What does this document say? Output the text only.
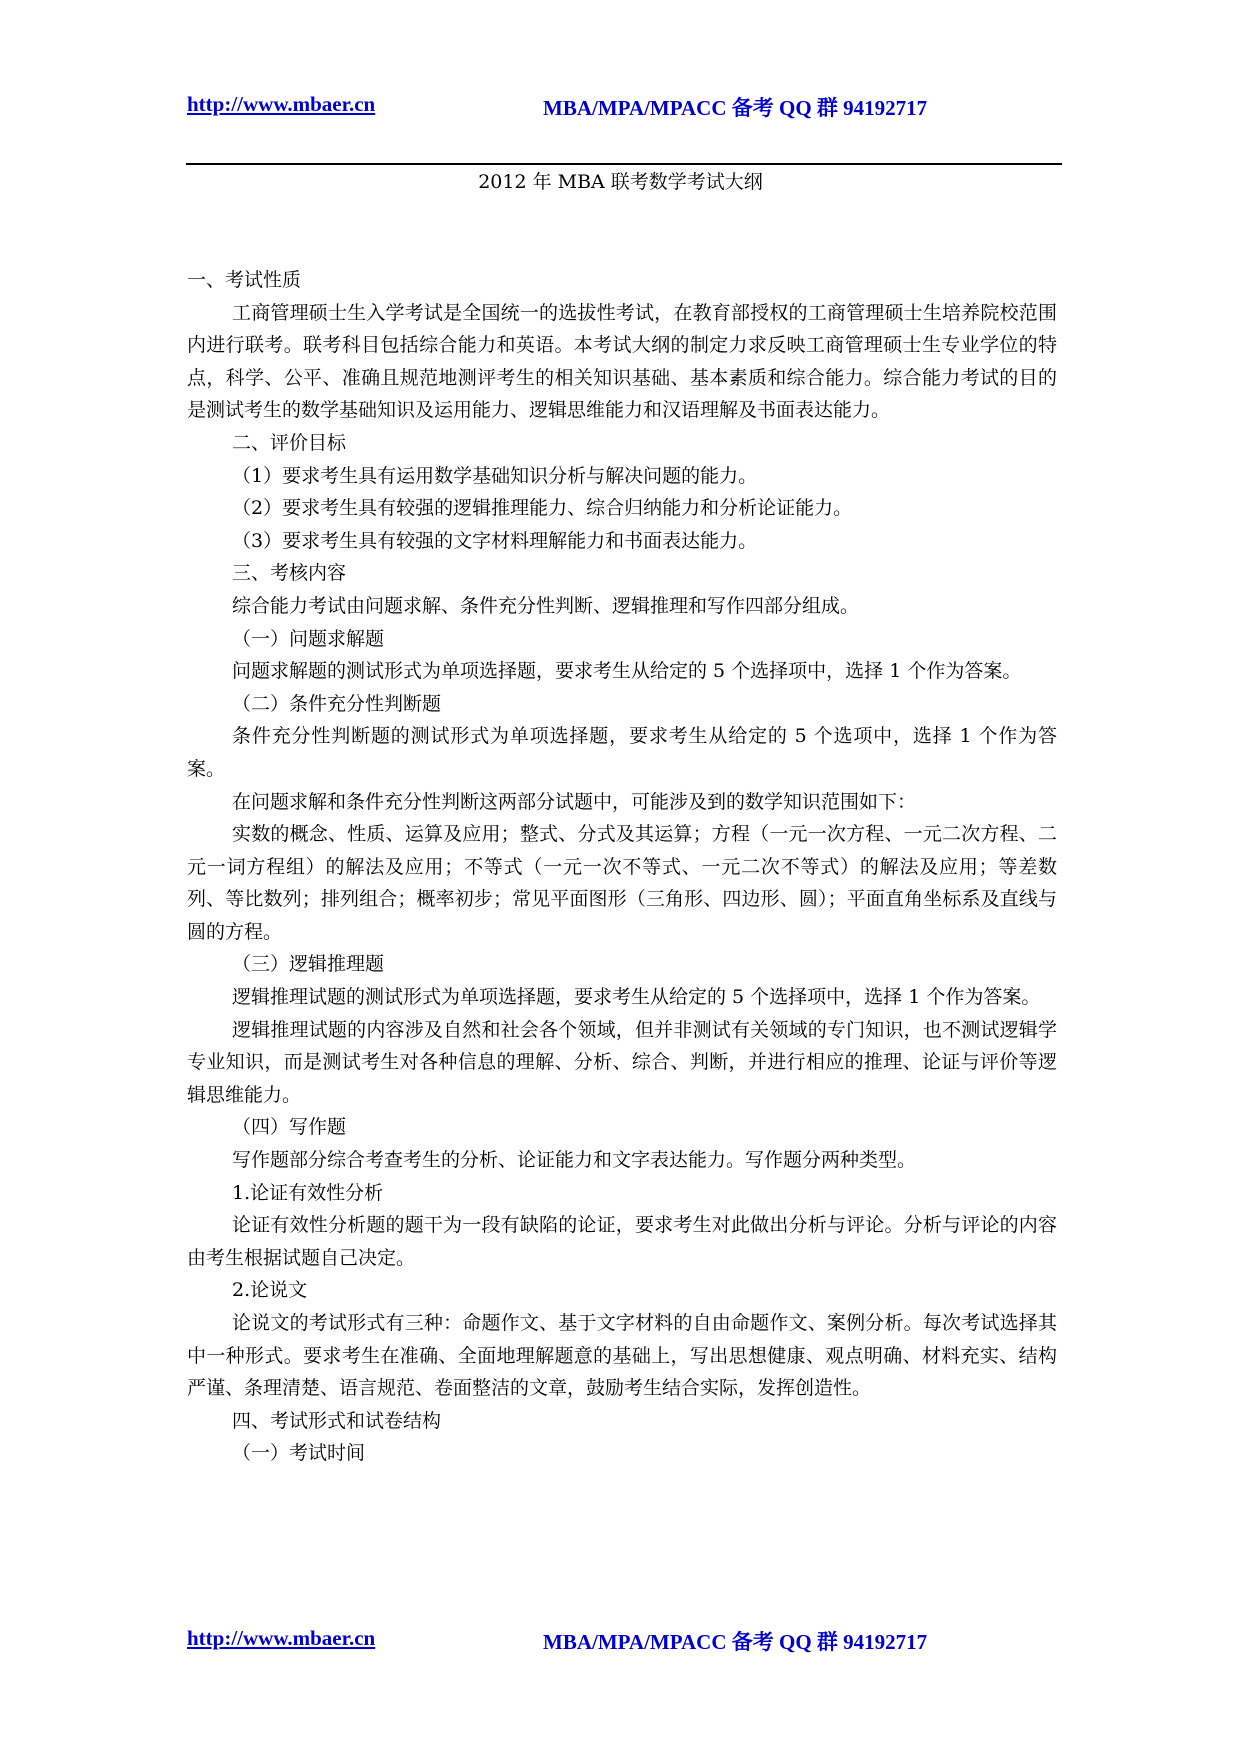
http://www.mbaer.cn	MBA/MPA/MPACC 备考 QQ 群 94192717
2012 年 MBA 联考数学考试大纲

一、考试性质

工商管理硕士生入学考试是全国统一的选拔性考试，在教育部授权的工商管理硕士生培养院校范围内进行联考。联考科目包括综合能力和英语。本考试大纲的制定力求反映工商管理硕士生专业学位的特点，科学、公平、准确且规范地测评考生的相关知识基础、基本素质和综合能力。综合能力考试的目的是测试考生的数学基础知识及运用能力、逻辑思维能力和汉语理解及书面表达能力。

二、评价目标

（1）要求考生具有运用数学基础知识分析与解决问题的能力。

（2）要求考生具有较强的逻辑推理能力、综合归纳能力和分析论证能力。

（3）要求考生具有较强的文字材料理解能力和书面表达能力。

三、考核内容

综合能力考试由问题求解、条件充分性判断、逻辑推理和写作四部分组成。

（一）问题求解题

问题求解题的测试形式为单项选择题，要求考生从给定的 5 个选择项中，选择 1 个作为答案。

（二）条件充分性判断题

条件充分性判断题的测试形式为单项选择题，要求考生从给定的 5 个选项中，选择 1 个作为答案。

在问题求解和条件充分性判断这两部分试题中，可能涉及到的数学知识范围如下：

实数的概念、性质、运算及应用；整式、分式及其运算；方程（一元一次方程、一元二次方程、二元一词方程组）的解法及应用；不等式（一元一次不等式、一元二次不等式）的解法及应用；等差数列、等比数列；排列组合；概率初步；常见平面图形（三角形、四边形、圆）；平面直角坐标系及直线与圆的方程。

（三）逻辑推理题

逻辑推理试题的测试形式为单项选择题，要求考生从给定的 5 个选择项中，选择 1 个作为答案。

逻辑推理试题的内容涉及自然和社会各个领域，但并非测试有关领域的专门知识，也不测试逻辑学专业知识，而是测试考生对各种信息的理解、分析、综合、判断，并进行相应的推理、论证与评价等逻辑思维能力。

（四）写作题

写作题部分综合考查考生的分析、论证能力和文字表达能力。写作题分两种类型。

1.论证有效性分析

论证有效性分析题的题干为一段有缺陷的论证，要求考生对此做出分析与评论。分析与评论的内容由考生根据试题自己决定。

2.论说文

论说文的考试形式有三种：命题作文、基于文字材料的自由命题作文、案例分析。每次考试选择其中一种形式。要求考生在准确、全面地理解题意的基础上，写出思想健康、观点明确、材料充实、结构严谨、条理清楚、语言规范、卷面整洁的文章，鼓励考生结合实际，发挥创造性。

四、考试形式和试卷结构

（一）考试时间

http://www.mbaer.cn	MBA/MPA/MPACC 备考 QQ 群 94192717
